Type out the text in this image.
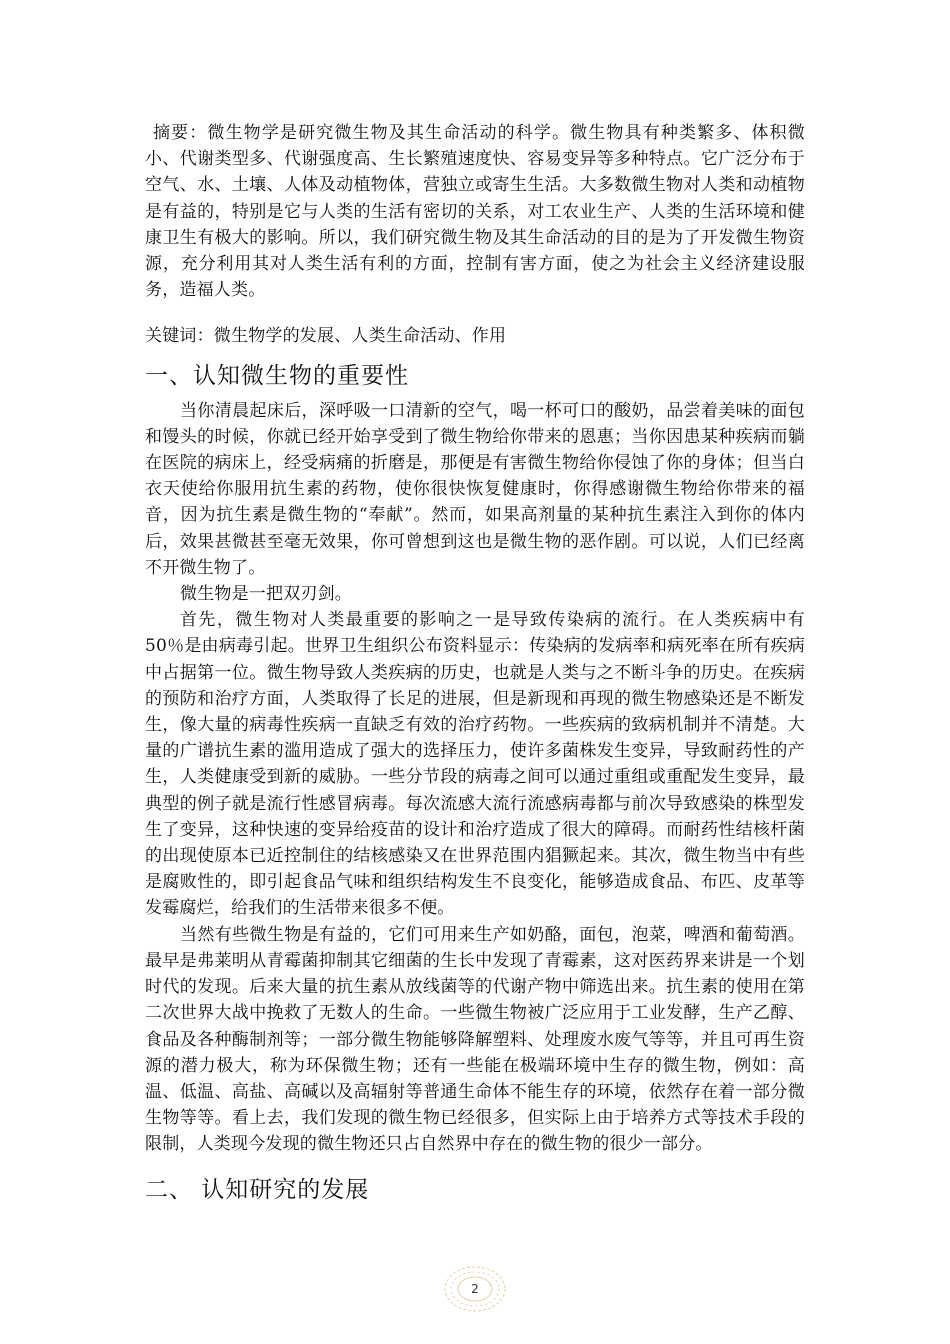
摘要：微生物学是研究微生物及其生命活动的科学。微生物具有种类繁多、体积微小、代谢类型多、代谢强度高、生长繁殖速度快、容易变异等多种特点。它广泛分布于空气、水、土壤、人体及动植物体，营独立或寄生生活。大多数微生物对人类和动植物是有益的，特别是它与人类的生活有密切的关系，对工农业生产、人类的生活环境和健康卫生有极大的影响。所以，我们研究微生物及其生命活动的目的是为了开发微生物资源，充分利用其对人类生活有利的方面，控制有害方面，使之为社会主义经济建设服务，造福人类。

关键词：微生物学的发展、人类生命活动、作用

一、认知微生物的重要性

当你清晨起床后，深呼吸一口清新的空气，喝一杯可口的酸奶，品尝着美味的面包和馒头的时候，你就已经开始享受到了微生物给你带来的恩惠；当你因患某种疾病而躺在医院的病床上，经受病痛的折磨是，那便是有害微生物给你侵蚀了你的身体；但当白衣天使给你服用抗生素的药物，使你很快恢复健康时，你得感谢微生物给你带来的福音，因为抗生素是微生物的“奉献”。然而，如果高剂量的某种抗生素注入到你的体内后，效果甚微甚至毫无效果，你可曾想到这也是微生物的恶作剧。可以说，人们已经离不开微生物了。

微生物是一把双刃剑。

首先，微生物对人类最重要的影响之一是导致传染病的流行。在人类疾病中有 50％是由病毒引起。世界卫生组织公布资料显示：传染病的发病率和病死率在所有疾病中占据第一位。微生物导致人类疾病的历史，也就是人类与之不断斗争的历史。在疾病的预防和治疗方面，人类取得了长足的进展，但是新现和再现的微生物感染还是不断发生，像大量的病毒性疾病一直缺乏有效的治疗药物。一些疾病的致病机制并不清楚。大量的广谱抗生素的滥用造成了强大的选择压力，使许多菌株发生变异，导致耐药性的产生，人类健康受到新的威胁。一些分节段的病毒之间可以通过重组或重配发生变异，最典型的例子就是流行性感冒病毒。每次流感大流行流感病毒都与前次导致感染的株型发生了变异，这种快速的变异给疫苗的设计和治疗造成了很大的障碍。而耐药性结核杆菌的出现使原本已近控制住的结核感染又在世界范围内猖獗起来。其次，微生物当中有些是腐败性的，即引起食品气味和组织结构发生不良变化，能够造成食品、布匹、皮革等发霉腐烂，给我们的生活带来很多不便。

当然有些微生物是有益的，它们可用来生产如奶酪，面包，泡菜，啤酒和葡萄酒。最早是弗莱明从青霉菌抑制其它细菌的生长中发现了青霉素，这对医药界来讲是一个划时代的发现。后来大量的抗生素从放线菌等的代谢产物中筛选出来。抗生素的使用在第二次世界大战中挽救了无数人的生命。一些微生物被广泛应用于工业发酵，生产乙醇、食品及各种酶制剂等；一部分微生物能够降解塑料、处理废水废气等等，并且可再生资源的潜力极大，称为环保微生物；还有一些能在极端环境中生存的微生物，例如：高温、低温、高盐、高碱以及高辐射等普通生命体不能生存的环境，依然存在着一部分微生物等等。看上去，我们发现的微生物已经很多，但实际上由于培养方式等技术手段的限制，人类现今发现的微生物还只占自然界中存在的微生物的很少一部分。

二、 认知研究的发展
2
